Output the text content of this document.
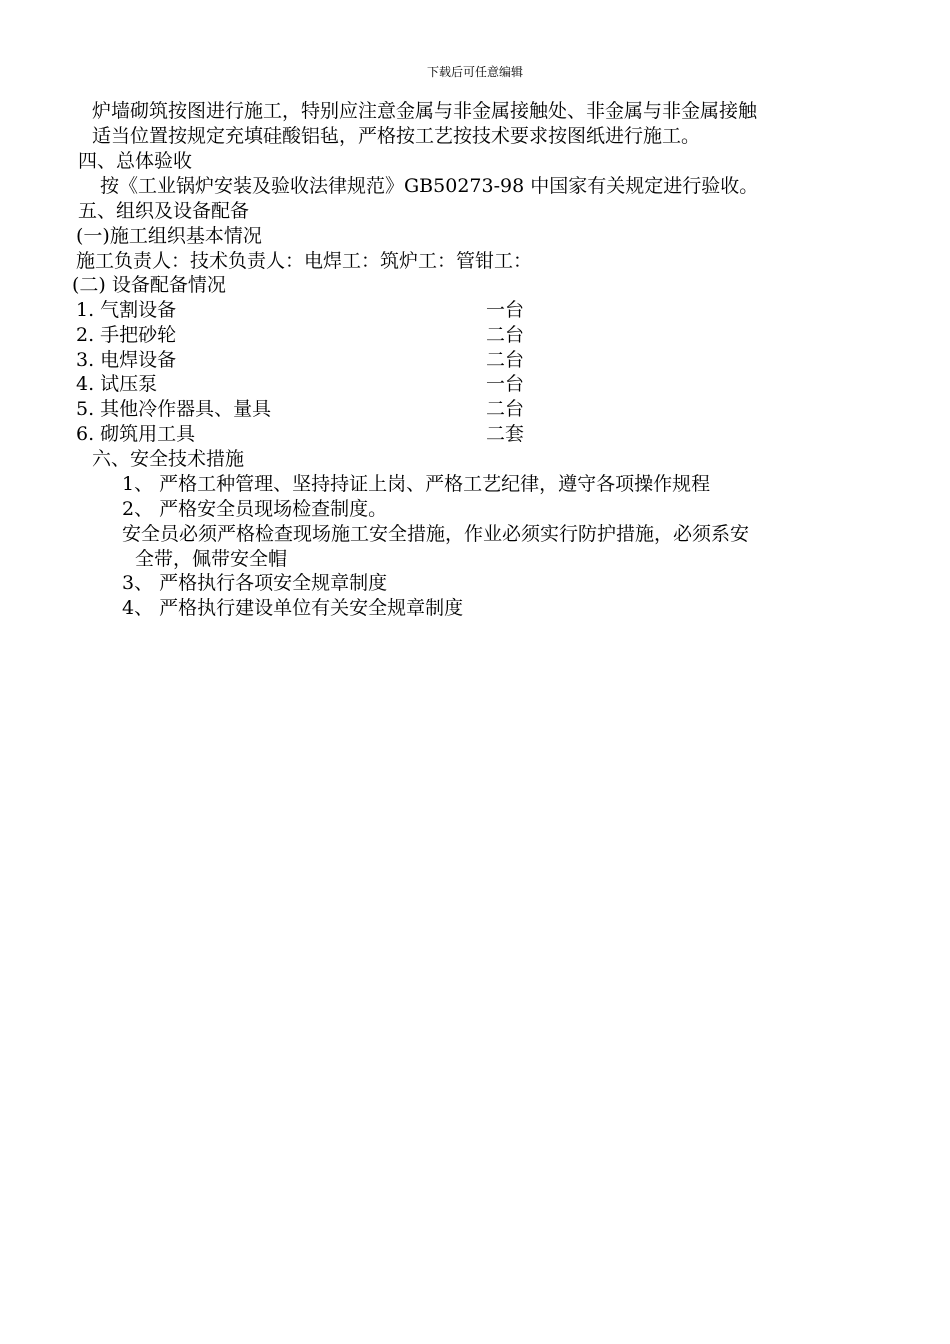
下载后可任意编辑
炉墙砌筑按图进行施工，特别应注意金属与非金属接触处、非金属与非金属接触
适当位置按规定充填硅酸铝毡，严格按工艺按技术要求按图纸进行施工。
四、总体验收
按《工业锅炉安装及验收法律规范》GB50273-98 中国家有关规定进行验收。
五、组织及设备配备
(一)施工组织基本情况
施工负责人：技术负责人：电焊工：筑炉工：管钳工：
(二) 设备配备情况
1. 气割设备	一台
2. 手把砂轮	二台
3. 电焊设备	二台
4. 试压泵	一台
5. 其他冷作器具、量具	二台
6. 砌筑用工具	二套
六、安全技术措施
1、 严格工种管理、坚持持证上岗、严格工艺纪律，遵守各项操作规程
2、 严格安全员现场检查制度。
安全员必须严格检查现场施工安全措施，作业必须实行防护措施，必须系安
全带，佩带安全帽
3、 严格执行各项安全规章制度
4、 严格执行建设单位有关安全规章制度
